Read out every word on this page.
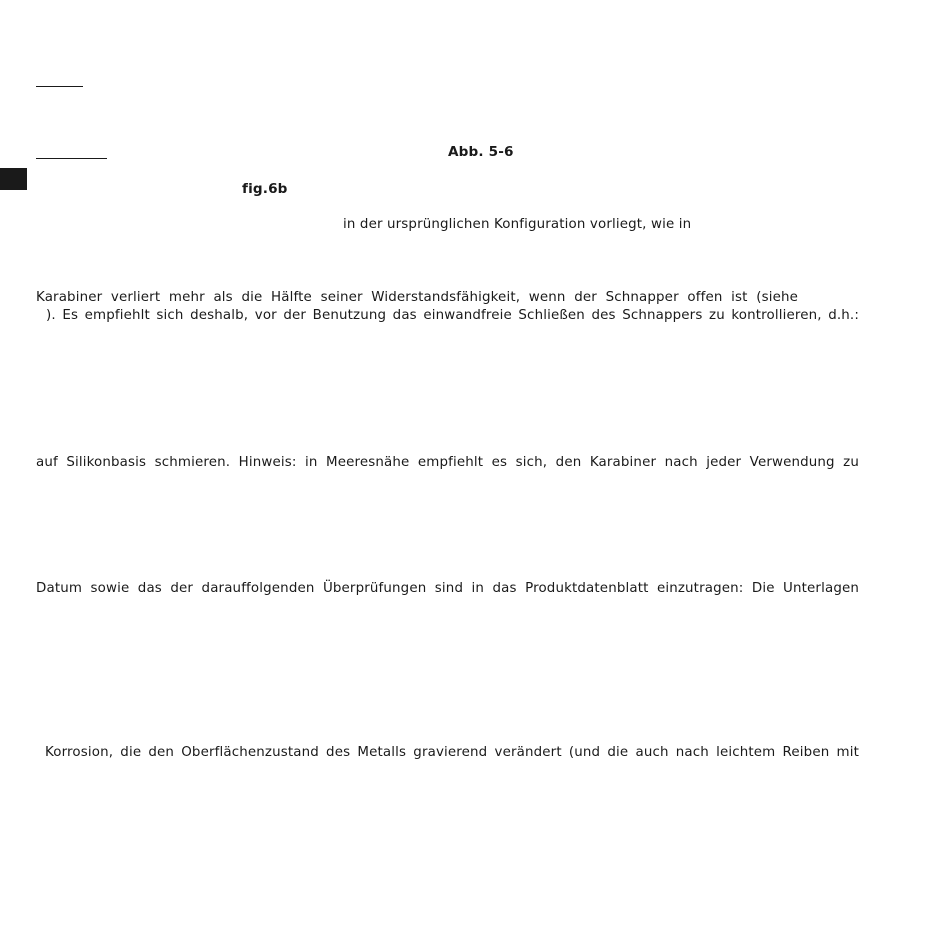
Abb. 5-6
fig.6b
in der ursprünglichen Konfiguration vorliegt, wie in
Karabiner verliert mehr als die Hälfte seiner Widerstandsfähigkeit, wenn der Schnapper offen ist (siehe
). Es empfiehlt sich deshalb, vor der Benutzung das einwandfreie Schließen des Schnappers zu kontrollieren, d.h.:
auf Silikonbasis schmieren. Hinweis: in Meeresnähe empfiehlt es sich, den Karabiner nach jeder Verwendung zu
Datum sowie das der darauffolgenden Überprüfungen sind in das Produktdatenblatt einzutragen: Die Unterlagen
Korrosion, die den Oberflächenzustand des Metalls gravierend verändert (und die auch nach leichtem Reiben mit
